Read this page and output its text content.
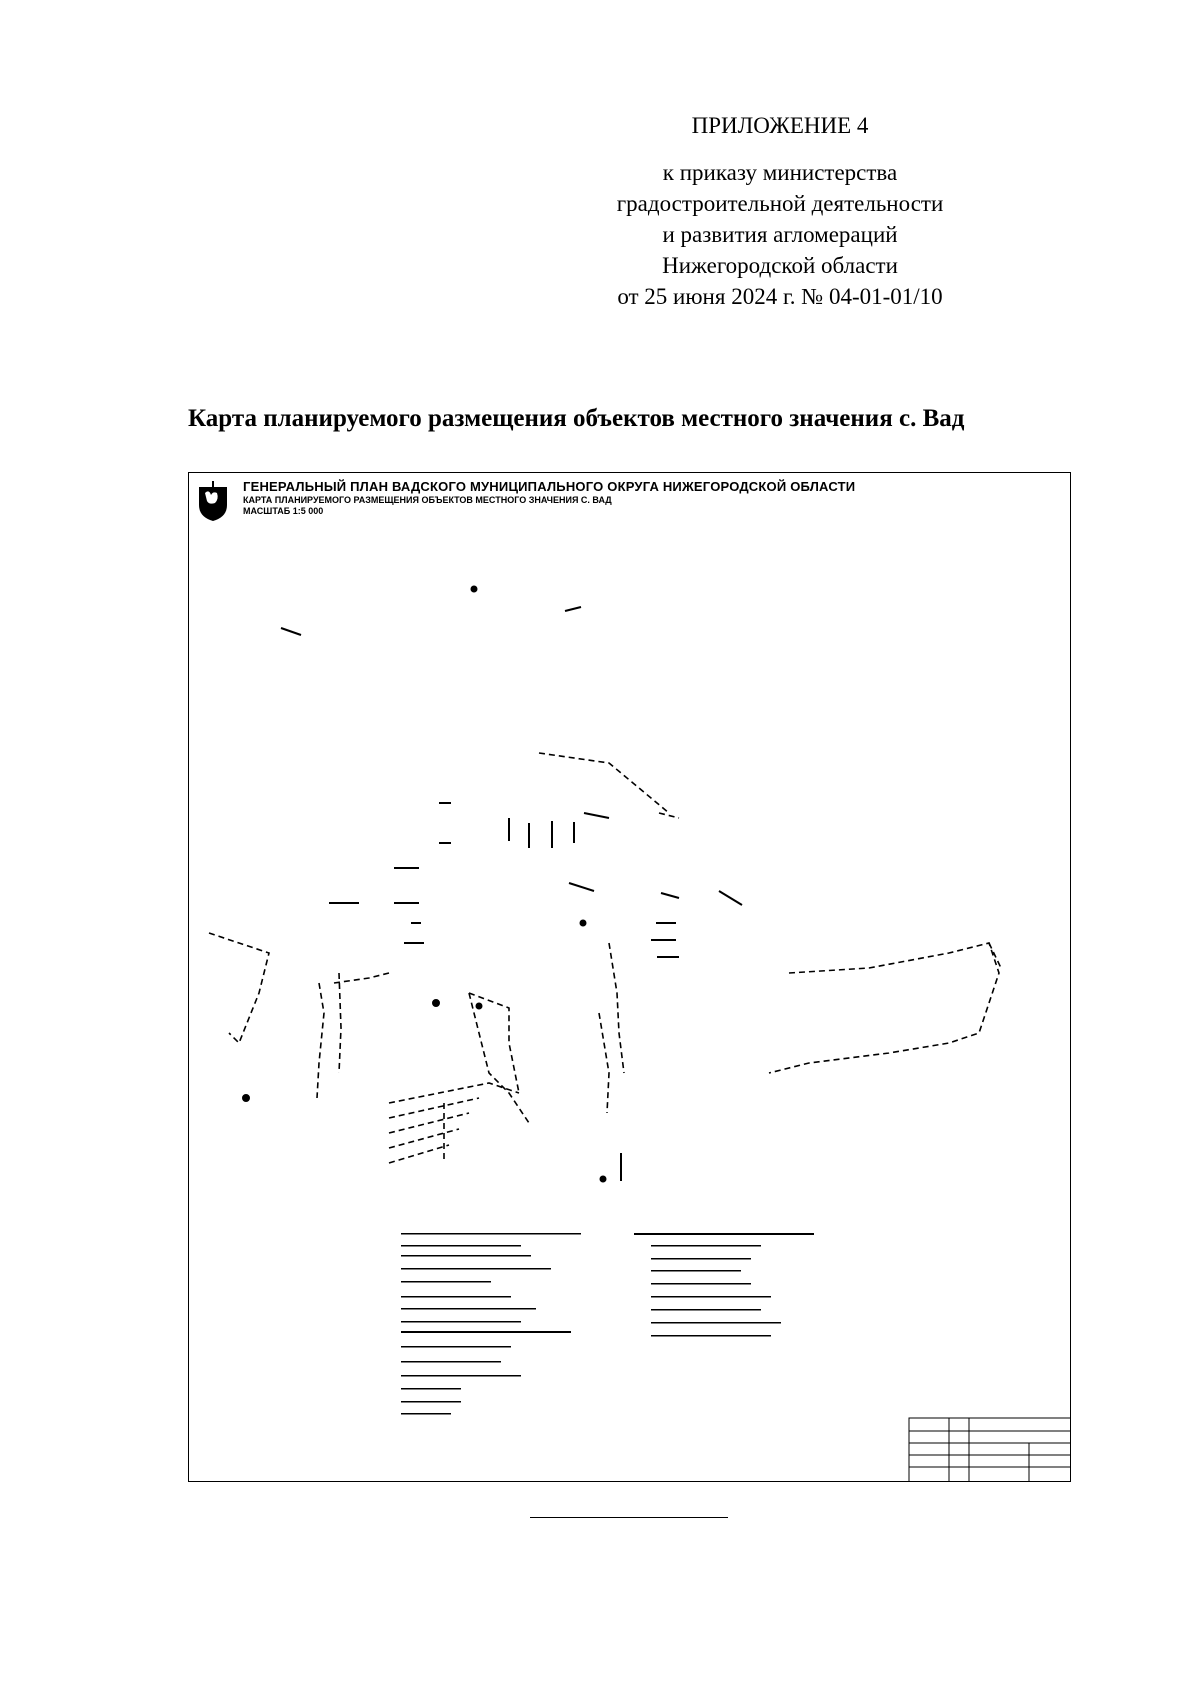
ПРИЛОЖЕНИЕ 4
к приказу министерства
градостроительной деятельности
и развития агломераций
Нижегородской области
от 25 июня 2024 г. № 04-01-01/10
Карта планируемого размещения объектов местного значения с. Вад
ГЕНЕРАЛЬНЫЙ ПЛАН ВАДСКОГО МУНИЦИПАЛЬНОГО ОКРУГА НИЖЕГОРОДСКОЙ ОБЛАСТИ
КАРТА ПЛАНИРУЕМОГО РАЗМЕЩЕНИЯ ОБЪЕКТОВ МЕСТНОГО ЗНАЧЕНИЯ С. ВАД
МАСШТАБ 1:5 000
